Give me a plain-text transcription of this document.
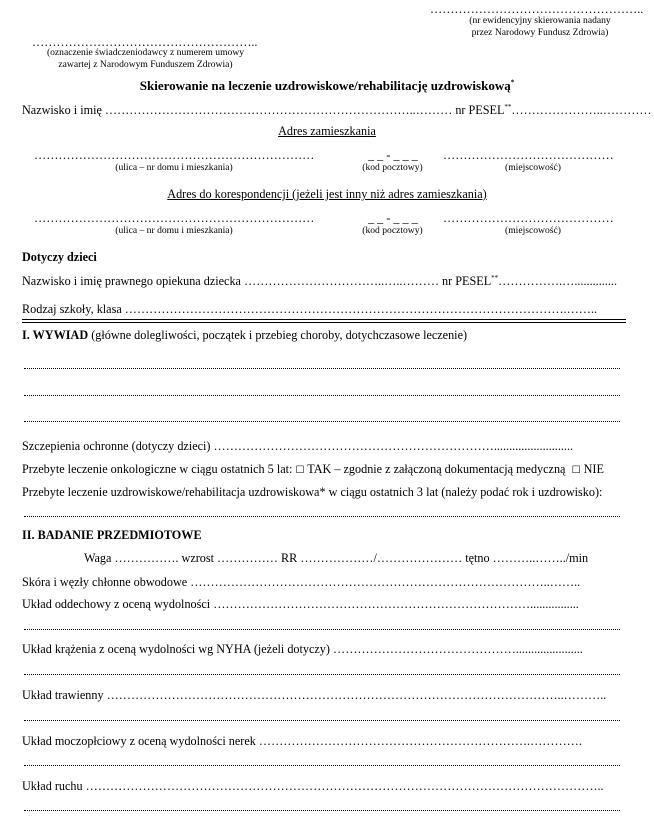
……………………………………………..
(nr ewidencyjny skierowania nadany
przez Narodowy Fundusz Zdrowia)
………………………………………………..
(oznaczenie świadczeniodawcy z numerem umowy
zawartej z Narodowym Funduszem Zdrowia)
Skierowanie na leczenie uzdrowiskowe/rehabilitację uzdrowiskową*
Nazwisko i imię …………………………………………………………………..……… nr PESEL**…………………..…………
Adres zamieszkania
……………………………………………………………
(ulica – nr domu i mieszkania)
_ _ - _ _ _
(kod pocztowy)
……………………………………
(miejscowość)
Adres do korespondencji (jeżeli jest inny niż adres zamieszkania)
……………………………………………………………
(ulica – nr domu i mieszkania)
_ _ - _ _ _
(kod pocztowy)
……………………………………
(miejscowość)
Dotyczy dzieci
Nazwisko i imię prawnego opiekuna dziecka ……………………………..…..……… nr PESEL**…………….…..............
Rodzaj szkoły, klasa ……………………………………………………………………………………………….……..
I. WYWIAD (główne dolegliwości, początek i przebieg choroby, dotychczasowe leczenie)
Szczepienia ochronne (dotyczy dzieci) ……………………………………………………………..........................
Przebyte leczenie onkologiczne w ciągu ostatnich 5 lat: ☐ TAK – zgodnie z załączoną dokumentacją medyczną ☐ NIE
Przebyte leczenie uzdrowiskowe/rehabilitacja uzdrowiskowa* w ciągu ostatnich 3 lat (należy podać rok i uzdrowisko):
II. BADANIE PRZEDMIOTOWE
Waga ……………. wzrost …………… RR ………………/………………… tętno ………..……../min
Skóra i węzły chłonne obwodowe ……………………………………………………………………………..……..
Układ oddechowy z oceną wydolności ……………………………………………………………………................
Układ krążenia z oceną wydolności wg NYHA (jeżeli dotyczy) ………………………………………......................
Układ trawienny …………………………………………………………………………………………………..………..
Układ moczopłciowy z oceną wydolności nerek ………………………………………………………….………….
Układ ruchu ………………………………………………………………………………………………………………..
